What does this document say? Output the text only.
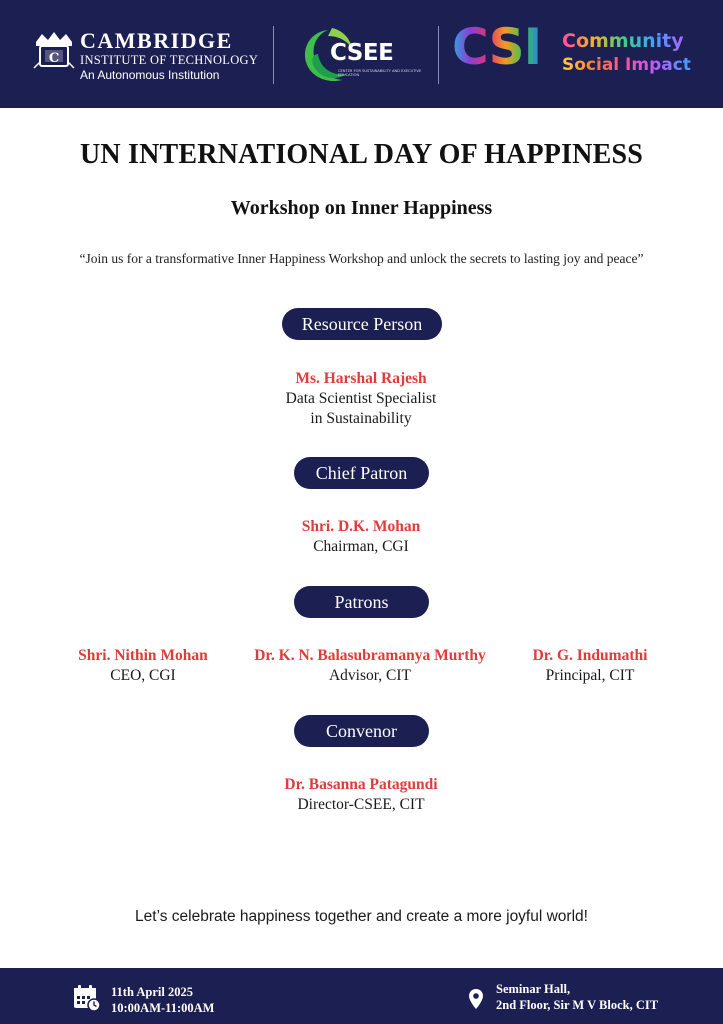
C
CAMBRIDGE
INSTITUTE OF TECHNOLOGY
An Autonomous Institution
CSEE
CENTER FOR SUSTAINABILITY AND EXECUTIVE EDUCATION	CSI Community
Social Impact
UN INTERNATIONAL DAY OF HAPPINESS
Workshop on Inner Happiness
“Join us for a transformative Inner Happiness Workshop and unlock the secrets to lasting joy and peace”
Resource Person
Ms. Harshal Rajesh
Data Scientist Specialist
in Sustainability
Chief Patron
Shri. D.K. Mohan
Chairman, CGI
Patrons
Shri. Nithin Mohan
CEO, CGI
Dr. K. N. Balasubramanya Murthy
Advisor, CIT
Dr. G. Indumathi
Principal, CIT
Convenor
Dr. Basanna Patagundi
Director-CSEE, CIT
Let’s celebrate happiness together and create a more joyful world!
11th April 2025
10:00AM-11:00AM
Seminar Hall,
2nd Floor, Sir M V Block, CIT
